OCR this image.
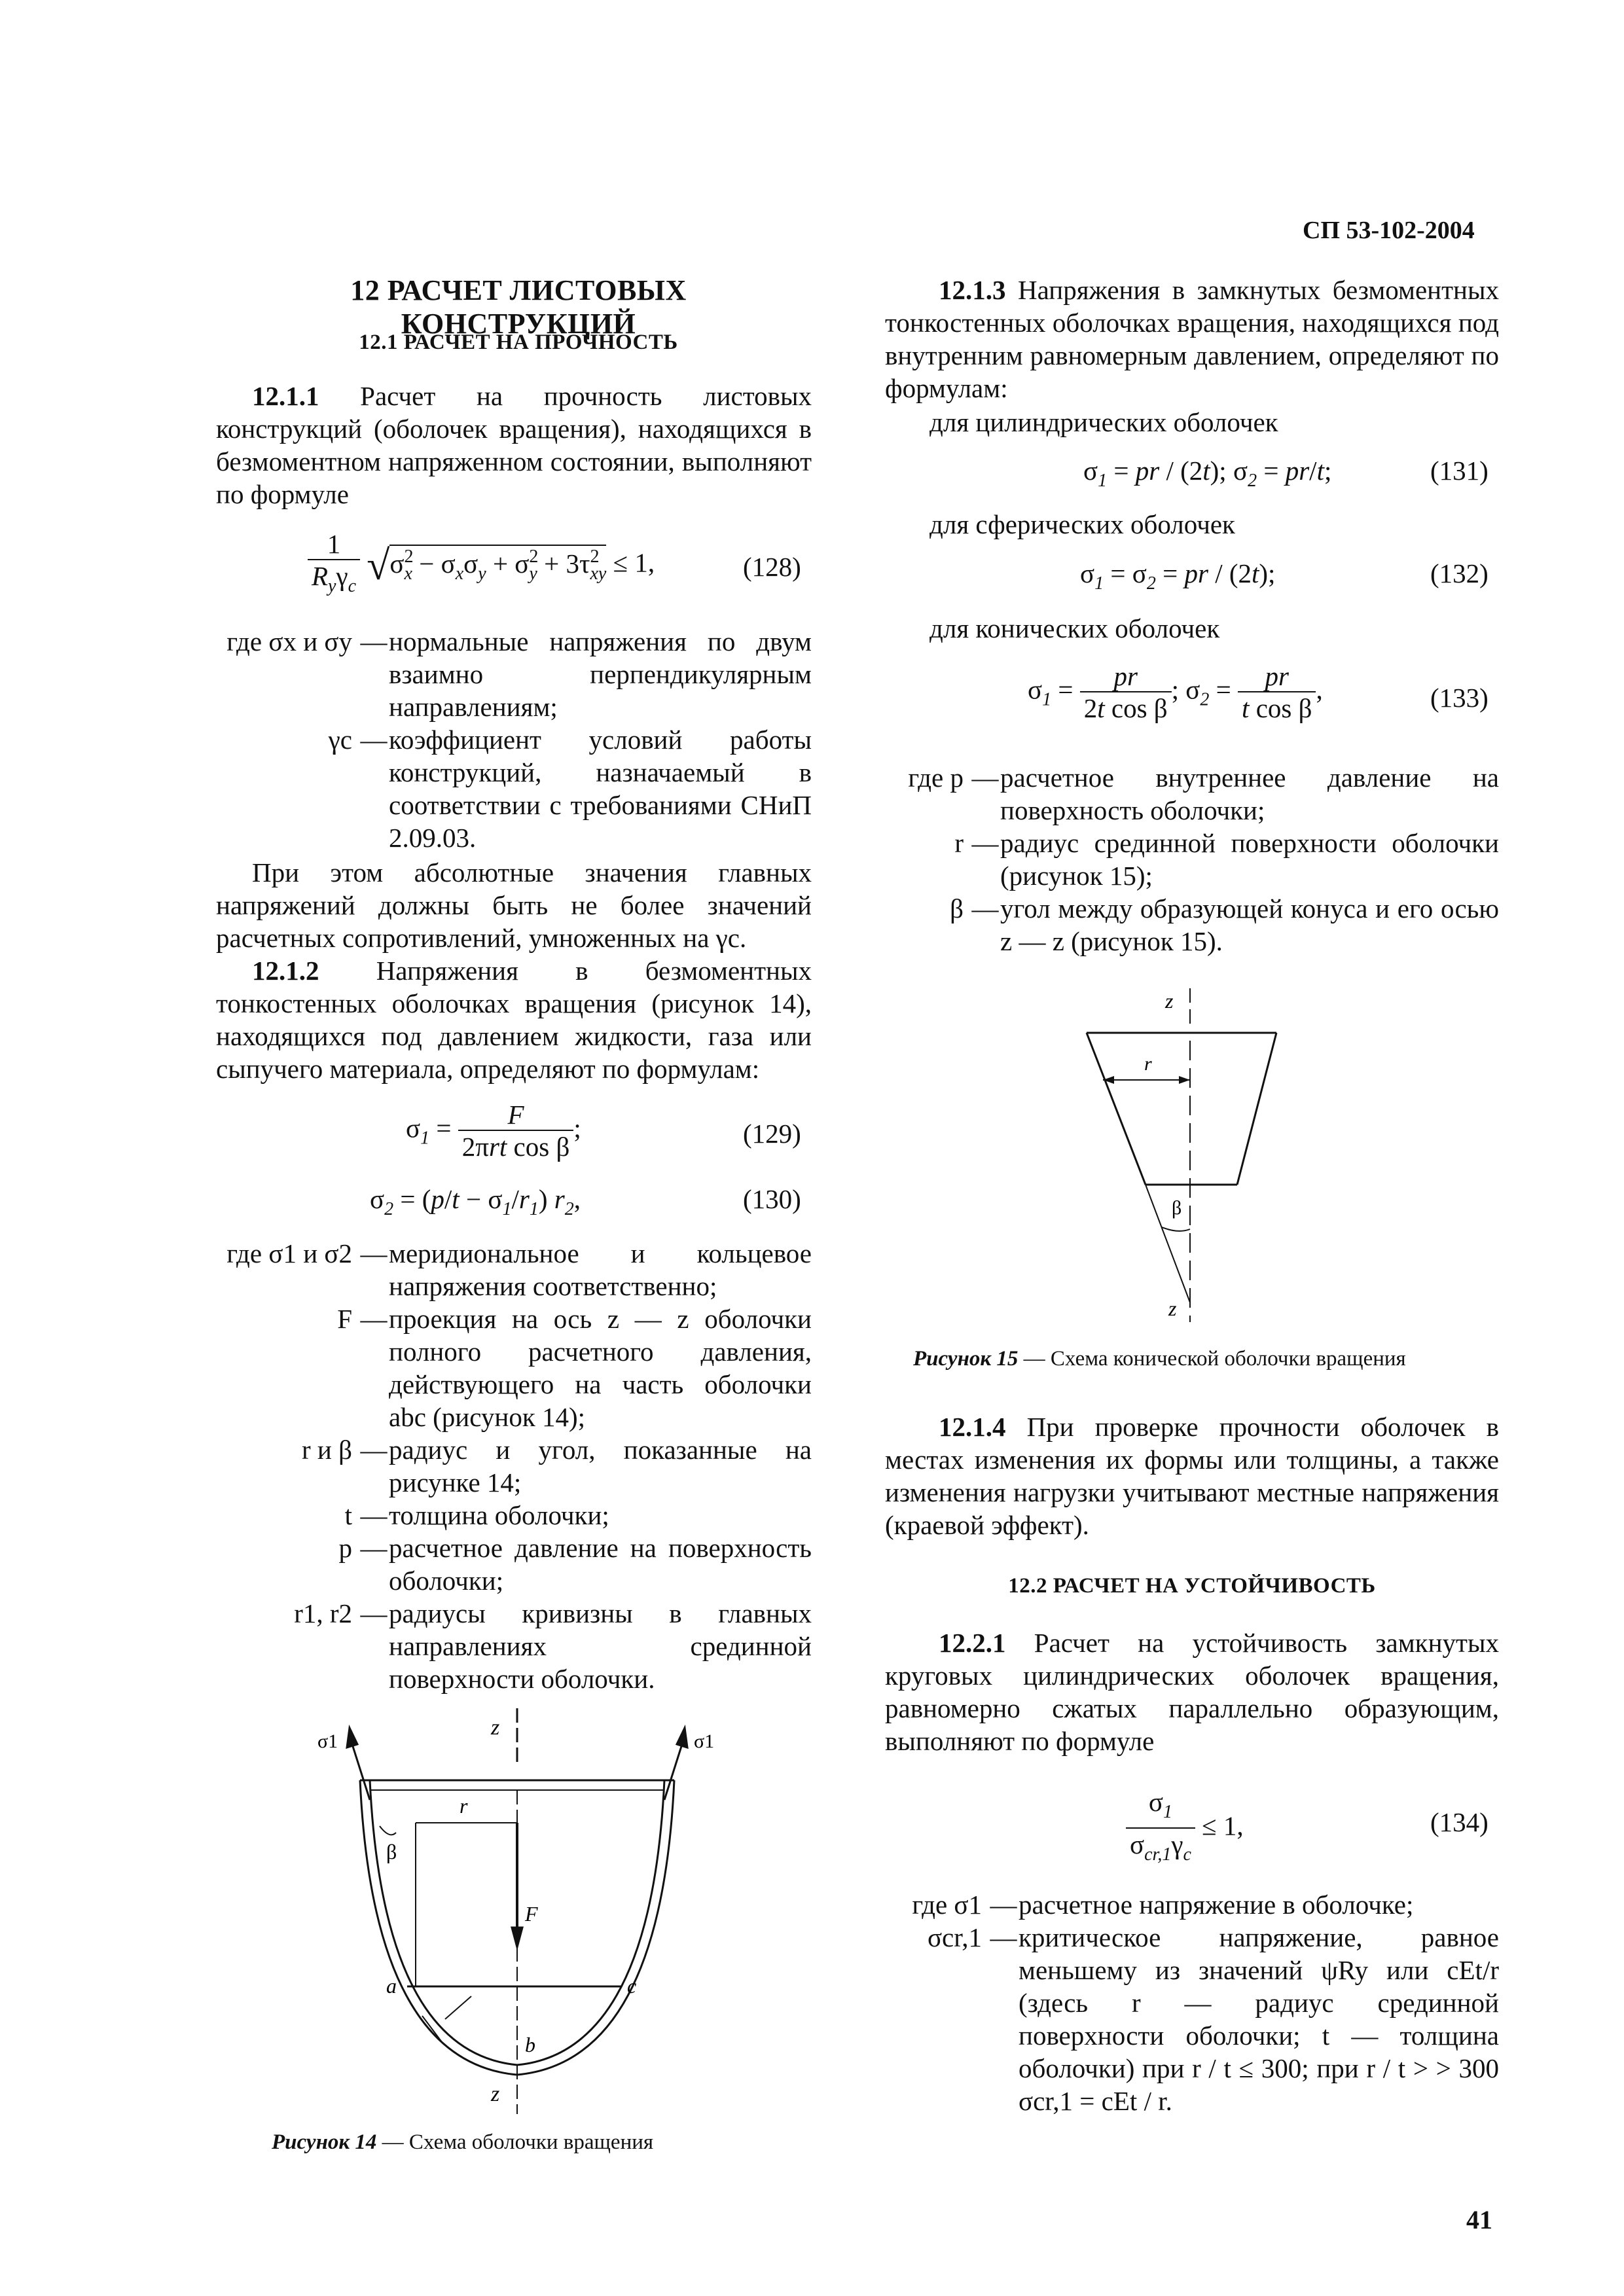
СП 53-102-2004
12 РАСЧЕТ ЛИСТОВЫХ КОНСТРУКЦИЙ
12.1 РАСЧЕТ НА ПРОЧНОСТЬ

12.1.1 Расчет на прочность листовых конструкций (оболочек вращения), находящихся в безмоментном напряженном состоянии, выполняют по формуле

$\frac{1}{R_y\gamma_c} √\sigma^2_x - \sigma_x\sigma_y + \sigma^2_y + 3\tau^2_{xy} \le 1$,	(128)
где σx и σy — нормальные напряжения по двум взаимно перпендикулярным направлениям;
γc — коэффициент условий работы конструкций, назначаемый в соответствии с требованиями СНиП 2.09.03.

При этом абсолютные значения главных напряжений должны быть не более значений расчетных сопротивлений, умноженных на γc.

12.1.2 Напряжения в безмоментных тонкостенных оболочках вращения (рисунок 14), находящихся под давлением жидкости, газа или сыпучего материала, определяют по формулам:

$\sigma_1 = \frac{F}{\text{2πrt cos β}}$ ;	(129)
$\sigma_2 = (p/t - \sigma_1/r_1)$ $r_2$,	(130)
где σ1 и σ2 — меридиональное и кольцевое напряжения соответственно;
F — проекция на ось z — z оболочки полного расчетного давления, действующего на часть оболочки abc (рисунок 14);
r и β — радиус и угол, показанные на рисунке 14;
t — толщина оболочки;
p — расчетное давление на поверхность оболочки;
r1, r2 — радиусы кривизны в главных направлениях срединной поверхности оболочки.
z
z
r
F
β
a
b
c
σ1	σ1
Рисунок 14 — Схема оболочки вращения

12.1.3 Напряжения в замкнутых безмоментных тонкостенных оболочках вращения, находящихся под внутренним равномерным давлением, определяют по формулам:

для цилиндрических оболочек
$\sigma_1$ = pr / (2t); $\sigma_2 = pr/t$;	(131)
для сферических оболочек
$\sigma_1 = \sigma_2$ = pr / (2t);	(132)
для конических оболочек
$\sigma_1 = \frac{pr}{\text{2t cos β}}$ ; $\sigma_2 = \frac{pr}{\text{t cos β}}$ ,	(133)
где p — расчетное внутреннее давление на поверхность оболочки;
r — радиус срединной поверхности оболочки (рисунок 15);
β — угол между образующей конуса и его осью z — z (рисунок 15).
z
z
r
β
Рисунок 15 — Схема конической оболочки вращения

12.1.4 При проверке прочности оболочек в местах изменения их формы или толщины, а также изменения нагрузки учитывают местные напряжения (краевой эффект).

12.2 РАСЧЕТ НА УСТОЙЧИВОСТЬ

12.2.1 Расчет на устойчивость замкнутых круговых цилиндрических оболочек вращения, равномерно сжатых параллельно образующим, выполняют по формуле

$\frac{\sigma_1}{\sigma_{cr,1}\gamma_c} \le 1$,	(134)
где σ1 — расчетное напряжение в оболочке;
σcr,1 — критическое напряжение, равное меньшему из значений ψRy или cEt/r (здесь r — радиус срединной поверхности оболочки; t — толщина оболочки) при r / t ≤ 300; при r / t > > 300 σcr,1 = cEt / r.
41
